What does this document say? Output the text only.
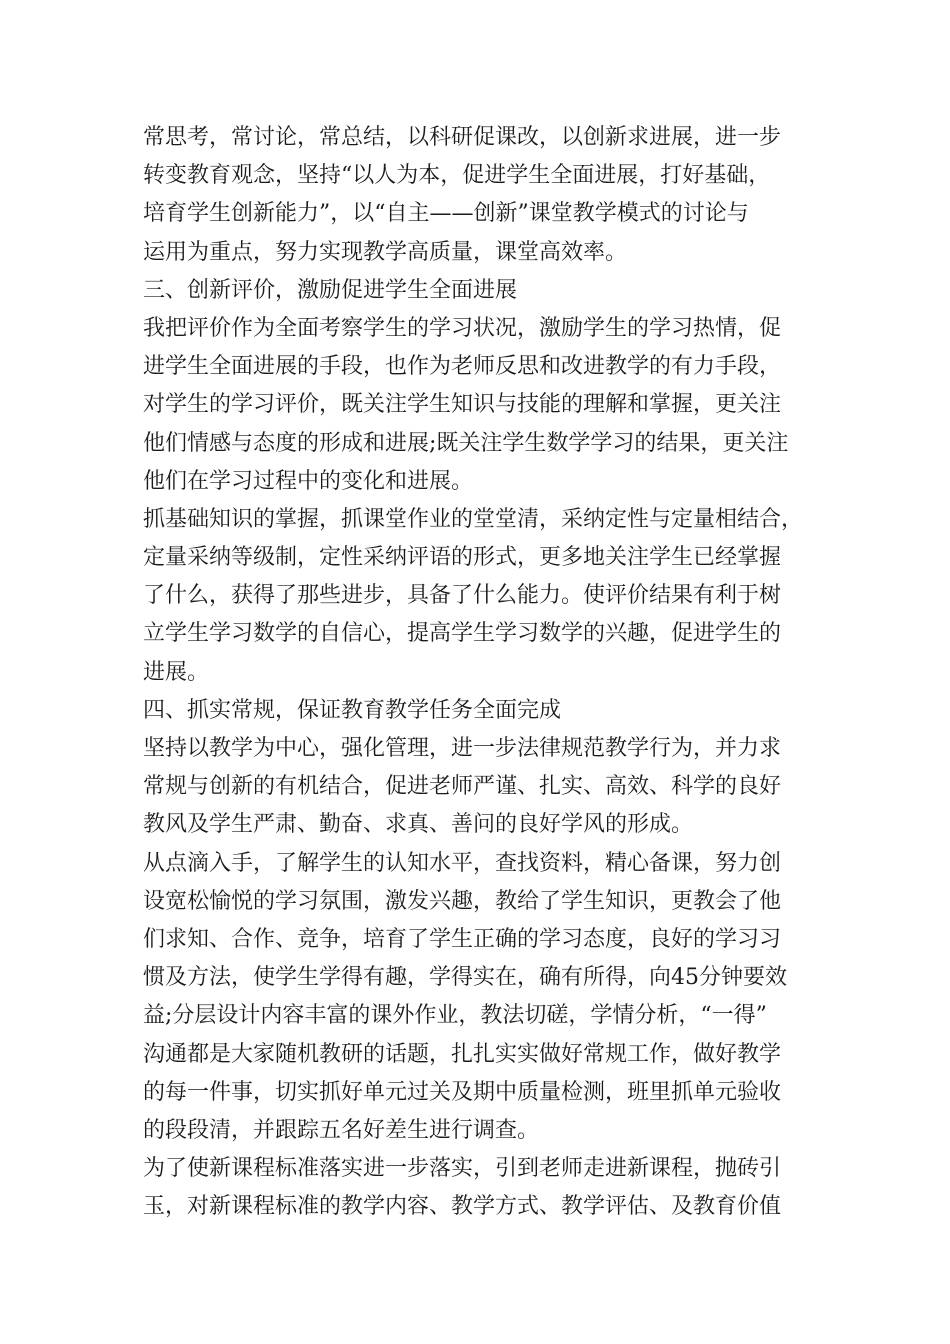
常思考，常讨论，常总结，以科研促课改，以创新求进展，进一步
转变教育观念，坚持“以人为本，促进学生全面进展，打好基础，
培育学生创新能力”，以“自主——创新”课堂教学模式的讨论与
运用为重点，努力实现教学高质量，课堂高效率。
三、创新评价，激励促进学生全面进展
我把评价作为全面考察学生的学习状况，激励学生的学习热情，促
进学生全面进展的手段，也作为老师反思和改进教学的有力手段，
对学生的学习评价，既关注学生知识与技能的理解和掌握，更关注
他们情感与态度的形成和进展;既关注学生数学学习的结果，更关注
他们在学习过程中的变化和进展。
抓基础知识的掌握，抓课堂作业的堂堂清，采纳定性与定量相结合，
定量采纳等级制，定性采纳评语的形式，更多地关注学生已经掌握
了什么，获得了那些进步，具备了什么能力。使评价结果有利于树
立学生学习数学的自信心，提高学生学习数学的兴趣，促进学生的
进展。
四、抓实常规，保证教育教学任务全面完成
坚持以教学为中心，强化管理，进一步法律规范教学行为，并力求
常规与创新的有机结合，促进老师严谨、扎实、高效、科学的良好
教风及学生严肃、勤奋、求真、善问的良好学风的形成。
从点滴入手，了解学生的认知水平，查找资料，精心备课，努力创
设宽松愉悦的学习氛围，激发兴趣，教给了学生知识，更教会了他
们求知、合作、竞争，培育了学生正确的学习态度，良好的学习习
惯及方法，使学生学得有趣，学得实在，确有所得，向45分钟要效
益;分层设计内容丰富的课外作业，教法切磋，学情分析，“一得”
沟通都是大家随机教研的话题，扎扎实实做好常规工作，做好教学
的每一件事，切实抓好单元过关及期中质量检测，班里抓单元验收
的段段清，并跟踪五名好差生进行调查。
为了使新课程标准落实进一步落实，引到老师走进新课程，抛砖引
玉，对新课程标准的教学内容、教学方式、教学评估、及教育价值
